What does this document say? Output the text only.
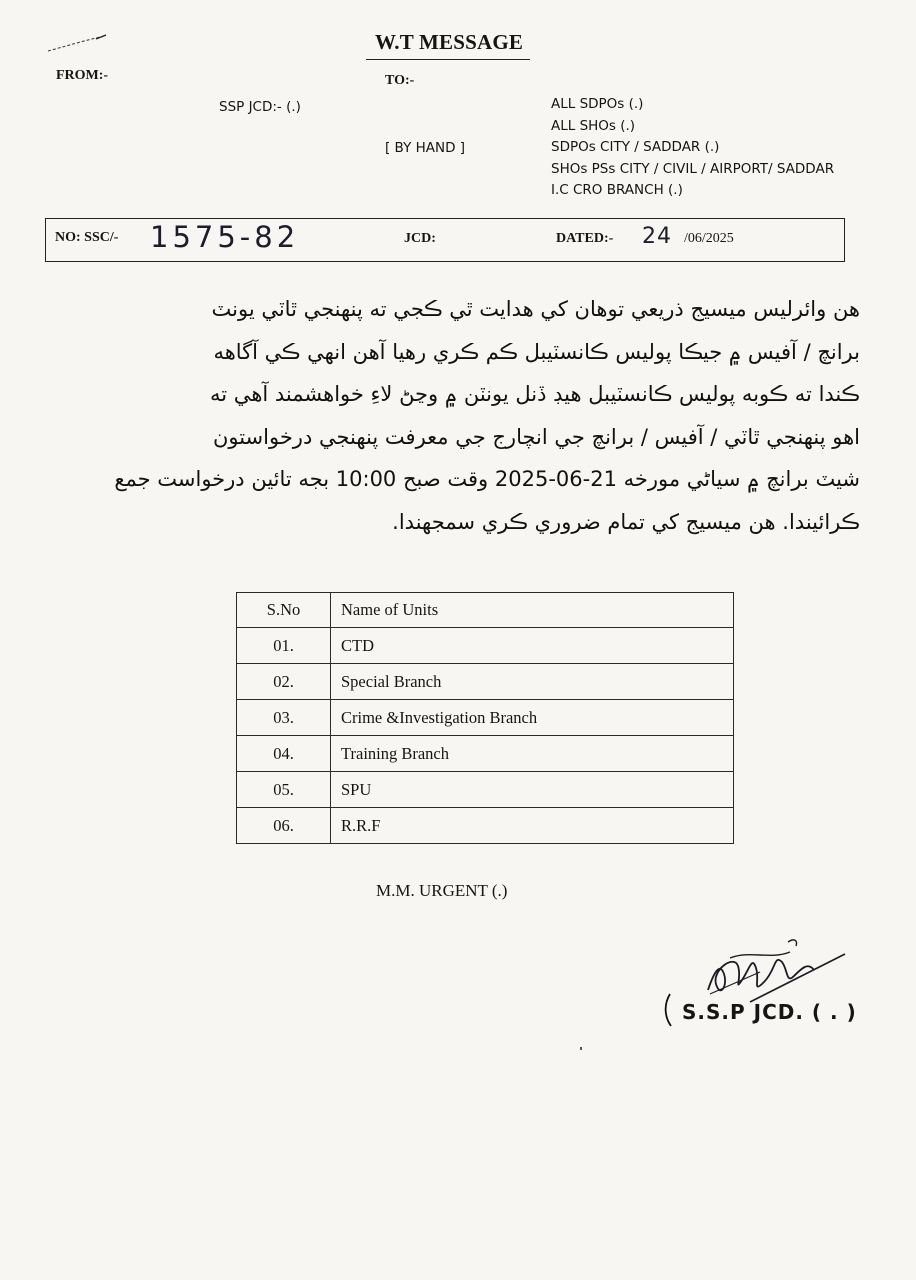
W.T MESSAGE
FROM:-	TO:-
SSP JCD:- (.)
[ BY HAND ]
ALL SDPOs (.)
ALL SHOs (.)
SDPOs CITY / SADDAR (.)
SHOs PSs CITY / CIVIL / AIRPORT/ SADDAR
I.C CRO BRANCH (.)
NO: SSC/- 1575-82	JCD:	DATED:- 24 /06/2025

هن وائرليس ميسيج ذريعي توهان کي هدايت ٿي ڪجي ته پنهنجي ٿاٽي يونٽ

برانچ / آفيس ۾ جيڪا پوليس ڪانسٽيبل ڪم ڪري رهيا آهن انهي ڪي آگاهه

ڪندا ته ڪوبه پوليس ڪانسٽيبل هيڊ ڏنل يونٽن ۾ وڃڻ لاءِ خواهشمند آهي ته

اهو پنهنجي ٿاٽي / آفيس / برانچ جي انچارج جي معرفت پنهنجي درخواستون

شيٽ برانچ ۾ سياڻي مورخه 21-06-2025 وقت صبح 10:00 بجه تائين درخواست جمع

ڪرائيندا. هن ميسيج کي تمام ضروري ڪري سمجهندا.

S.No	Name of Units
01.	CTD
02.	Special Branch
03.	Crime &Investigation Branch
04.	Training Branch
05.	SPU
06.	R.R.F
M.M. URGENT (.)
S.S.P JCD. ( . )
